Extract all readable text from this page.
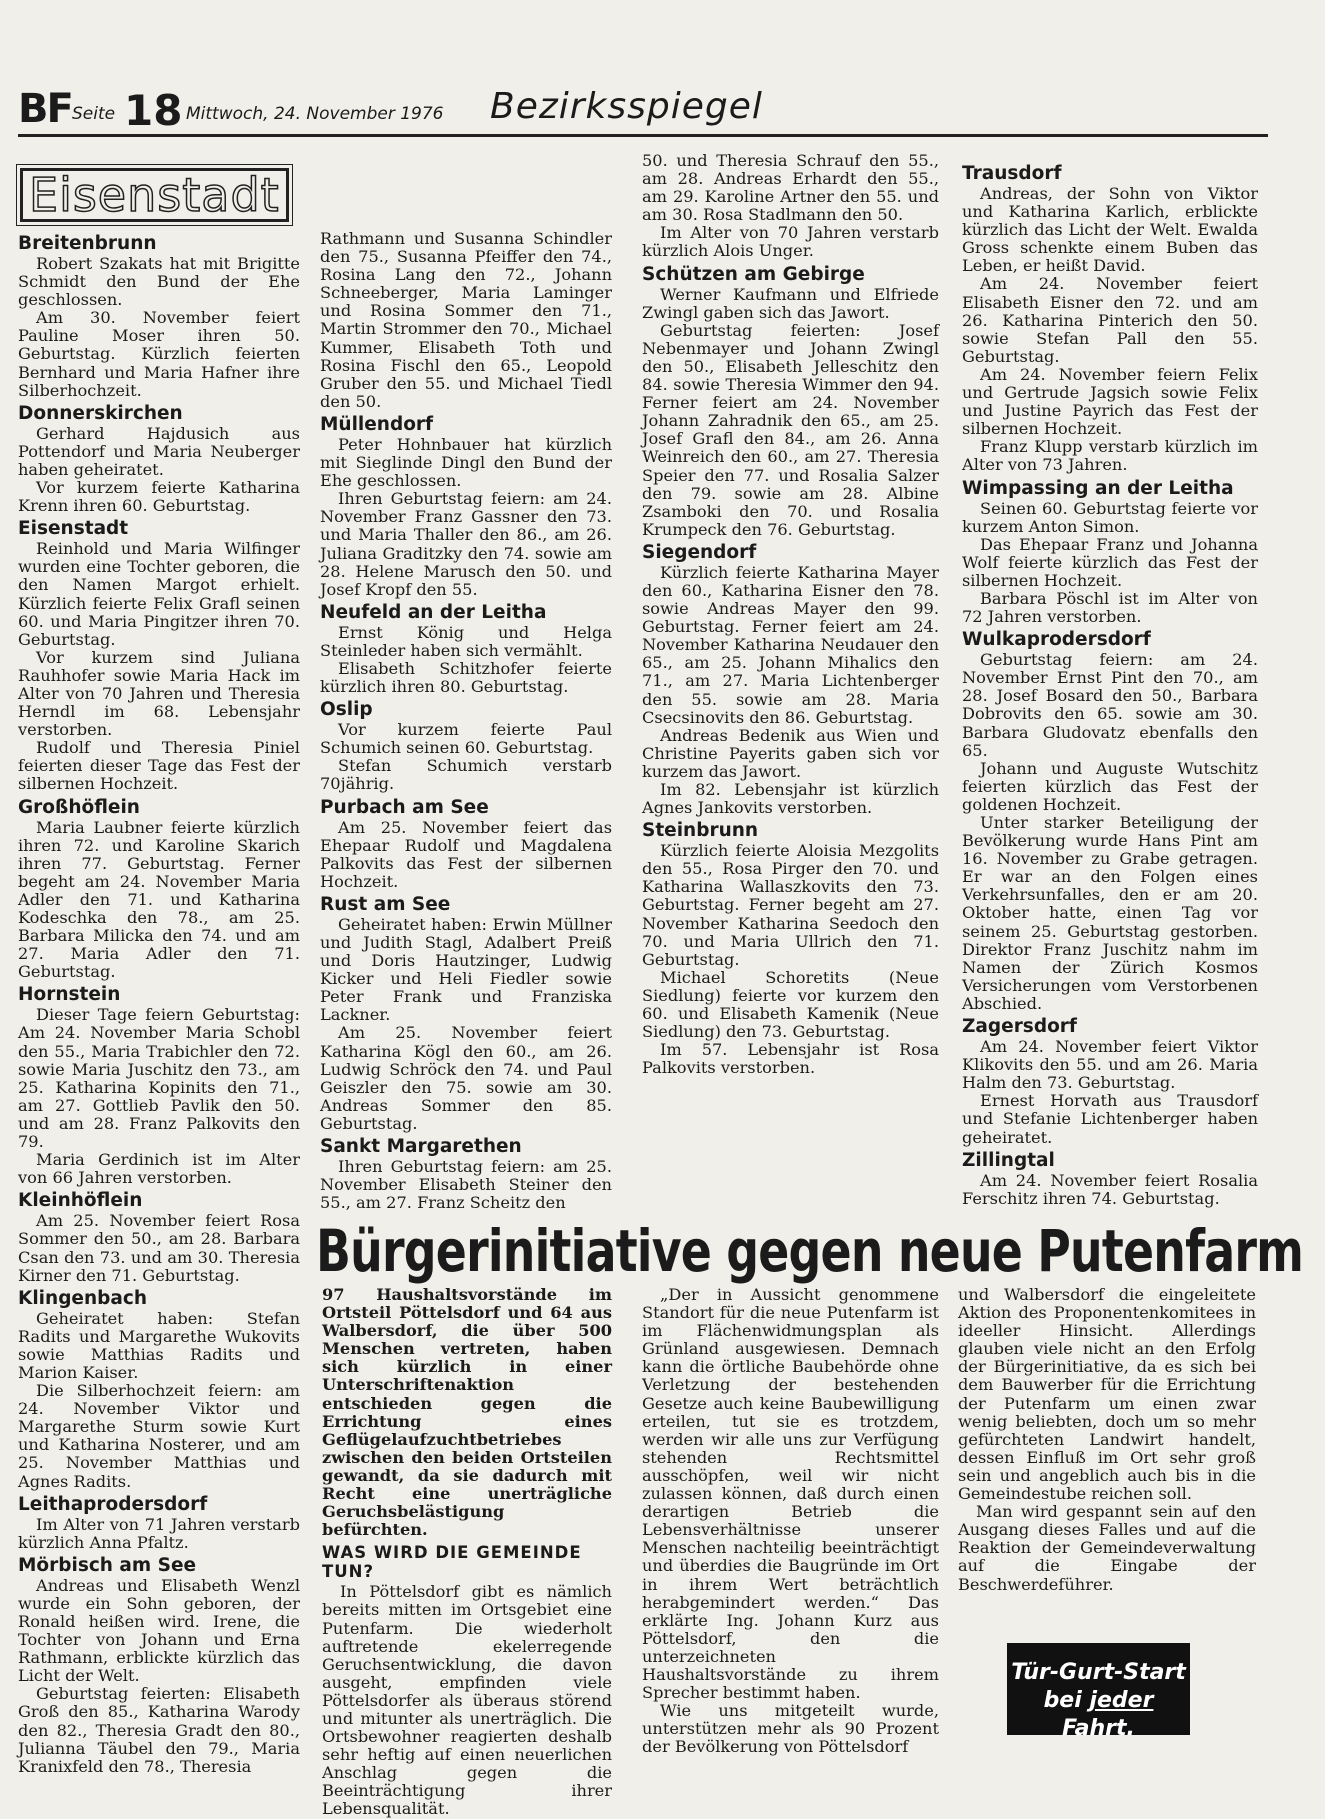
BF Seite 18 Mittwoch, 24. November 1976 Bezirksspiegel
Eisenstadt
Breitenbrunn

Robert Szakats hat mit Brigitte Schmidt den Bund der Ehe geschlossen.

Am 30. November feiert Pauline Moser ihren 50. Geburtstag. Kürzlich feierten Bernhard und Maria Hafner ihre Silberhochzeit.

Donnerskirchen

Gerhard Hajdusich aus Pottendorf und Maria Neuberger haben geheiratet.

Vor kurzem feierte Katharina Krenn ihren 60. Geburtstag.

Eisenstadt

Reinhold und Maria Wilfinger wurden eine Tochter geboren, die den Namen Margot erhielt. Kürzlich feierte Felix Grafl seinen 60. und Maria Pingitzer ihren 70. Geburtstag.

Vor kurzem sind Juliana Rauhhofer sowie Maria Hack im Alter von 70 Jahren und Theresia Herndl im 68. Lebensjahr verstorben.

Rudolf und Theresia Piniel feierten dieser Tage das Fest der silbernen Hochzeit.

Großhöflein

Maria Laubner feierte kürzlich ihren 72. und Karoline Skarich ihren 77. Geburtstag. Ferner begeht am 24. November Maria Adler den 71. und Katharina Kodeschka den 78., am 25. Barbara Milicka den 74. und am 27. Maria Adler den 71. Geburtstag.

Hornstein

Dieser Tage feiern Geburtstag: Am 24. November Maria Schobl den 55., Maria Trabichler den 72. sowie Maria Juschitz den 73., am 25. Katharina Kopinits den 71., am 27. Gottlieb Pavlik den 50. und am 28. Franz Palkovits den 79.

Maria Gerdinich ist im Alter von 66 Jahren verstorben.

Kleinhöflein

Am 25. November feiert Rosa Sommer den 50., am 28. Barbara Csan den 73. und am 30. Theresia Kirner den 71. Geburtstag.

Klingenbach

Geheiratet haben: Stefan Radits und Margarethe Wukovits sowie Matthias Radits und Marion Kaiser.

Die Silberhochzeit feiern: am 24. November Viktor und Margarethe Sturm sowie Kurt und Katharina Nosterer, und am 25. November Matthias und Agnes Radits.

Leithaprodersdorf

Im Alter von 71 Jahren verstarb kürzlich Anna Pfaltz.

Mörbisch am See

Andreas und Elisabeth Wenzl wurde ein Sohn geboren, der Ronald heißen wird. Irene, die Tochter von Johann und Erna Rathmann, erblickte kürzlich das Licht der Welt.

Geburtstag feierten: Elisabeth Groß den 85., Katharina Warody den 82., Theresia Gradt den 80., Julianna Täubel den 79., Maria Kranixfeld den 78., Theresia

Rathmann und Susanna Schindler den 75., Susanna Pfeiffer den 74., Rosina Lang den 72., Johann Schneeberger, Maria Laminger und Rosina Sommer den 71., Martin Strommer den 70., Michael Kummer, Elisabeth Toth und Rosina Fischl den 65., Leopold Gruber den 55. und Michael Tiedl den 50.

Müllendorf

Peter Hohnbauer hat kürzlich mit Sieglinde Dingl den Bund der Ehe geschlossen.

Ihren Geburtstag feiern: am 24. November Franz Gassner den 73. und Maria Thaller den 86., am 26. Juliana Graditzky den 74. sowie am 28. Helene Marusch den 50. und Josef Kropf den 55.

Neufeld an der Leitha

Ernst König und Helga Steinleder haben sich vermählt.

Elisabeth Schitzhofer feierte kürzlich ihren 80. Geburtstag.

Oslip

Vor kurzem feierte Paul Schumich seinen 60. Geburtstag.

Stefan Schumich verstarb 70jährig.

Purbach am See

Am 25. November feiert das Ehepaar Rudolf und Magdalena Palkovits das Fest der silbernen Hochzeit.

Rust am See

Geheiratet haben: Erwin Müllner und Judith Stagl, Adalbert Preiß und Doris Hautzinger, Ludwig Kicker und Heli Fiedler sowie Peter Frank und Franziska Lackner.

Am 25. November feiert Katharina Kögl den 60., am 26. Ludwig Schröck den 74. und Paul Geiszler den 75. sowie am 30. Andreas Sommer den 85. Geburtstag.

Sankt Margarethen

Ihren Geburtstag feiern: am 25. November Elisabeth Steiner den 55., am 27. Franz Scheitz den

50. und Theresia Schrauf den 55., am 28. Andreas Erhardt den 55., am 29. Karoline Artner den 55. und am 30. Rosa Stadlmann den 50.

Im Alter von 70 Jahren verstarb kürzlich Alois Unger.

Schützen am Gebirge

Werner Kaufmann und Elfriede Zwingl gaben sich das Jawort.

Geburtstag feierten: Josef Nebenmayer und Johann Zwingl den 50., Elisabeth Jelleschitz den 84. sowie Theresia Wimmer den 94. Ferner feiert am 24. November Johann Zahradnik den 65., am 25. Josef Grafl den 84., am 26. Anna Weinreich den 60., am 27. Theresia Speier den 77. und Rosalia Salzer den 79. sowie am 28. Albine Zsamboki den 70. und Rosalia Krumpeck den 76. Geburtstag.

Siegendorf

Kürzlich feierte Katharina Mayer den 60., Katharina Eisner den 78. sowie Andreas Mayer den 99. Geburtstag. Ferner feiert am 24. November Katharina Neudauer den 65., am 25. Johann Mihalics den 71., am 27. Maria Lichtenberger den 55. sowie am 28. Maria Csecsinovits den 86. Geburtstag.

Andreas Bedenik aus Wien und Christine Payerits gaben sich vor kurzem das Jawort.

Im 82. Lebensjahr ist kürzlich Agnes Jankovits verstorben.

Steinbrunn

Kürzlich feierte Aloisia Mezgolits den 55., Rosa Pirger den 70. und Katharina Wallaszkovits den 73. Geburtstag. Ferner begeht am 27. November Katharina Seedoch den 70. und Maria Ullrich den 71. Geburtstag.

Michael Schoretits (Neue Siedlung) feierte vor kurzem den 60. und Elisabeth Kamenik (Neue Siedlung) den 73. Geburtstag.

Im 57. Lebensjahr ist Rosa Palkovits verstorben.

Trausdorf

Andreas, der Sohn von Viktor und Katharina Karlich, erblickte kürzlich das Licht der Welt. Ewalda Gross schenkte einem Buben das Leben, er heißt David.

Am 24. November feiert Elisabeth Eisner den 72. und am 26. Katharina Pinterich den 50. sowie Stefan Pall den 55. Geburtstag.

Am 24. November feiern Felix und Gertrude Jagsich sowie Felix und Justine Payrich das Fest der silbernen Hochzeit.

Franz Klupp verstarb kürzlich im Alter von 73 Jahren.

Wimpassing an der Leitha

Seinen 60. Geburtstag feierte vor kurzem Anton Simon.

Das Ehepaar Franz und Johanna Wolf feierte kürzlich das Fest der silbernen Hochzeit.

Barbara Pöschl ist im Alter von 72 Jahren verstorben.

Wulkaprodersdorf

Geburtstag feiern: am 24. November Ernst Pint den 70., am 28. Josef Bosard den 50., Barbara Dobrovits den 65. sowie am 30. Barbara Gludovatz ebenfalls den 65.

Johann und Auguste Wutschitz feierten kürzlich das Fest der goldenen Hochzeit.

Unter starker Beteiligung der Bevölkerung wurde Hans Pint am 16. November zu Grabe getragen. Er war an den Folgen eines Verkehrsunfalles, den er am 20. Oktober hatte, einen Tag vor seinem 25. Geburtstag gestorben. Direktor Franz Juschitz nahm im Namen der Zürich Kosmos Versicherungen vom Verstorbenen Abschied.

Zagersdorf

Am 24. November feiert Viktor Klikovits den 55. und am 26. Maria Halm den 73. Geburtstag.

Ernest Horvath aus Trausdorf und Stefanie Lichtenberger haben geheiratet.

Zillingtal

Am 24. November feiert Rosalia Ferschitz ihren 74. Geburtstag.

Bürgerinitiative gegen neue Putenfarm

97 Haushaltsvorstände im Ortsteil Pöttelsdorf und 64 aus Walbersdorf, die über 500 Menschen vertreten, haben sich kürzlich in einer Unterschriftenaktion entschieden gegen die Errichtung eines Geflügelaufzuchtbetriebes zwischen den beiden Ortsteilen gewandt, da sie dadurch mit Recht eine unerträgliche Geruchsbelästigung befürchten.

WAS WIRD DIE GEMEINDE TUN?

In Pöttelsdorf gibt es nämlich bereits mitten im Ortsgebiet eine Putenfarm. Die wiederholt auftretende ekelerregende Geruchsentwicklung, die davon ausgeht, empfinden viele Pöttelsdorfer als überaus störend und mitunter als unerträglich. Die Ortsbewohner reagierten deshalb sehr heftig auf einen neuerlichen Anschlag gegen die Beeinträchtigung ihrer Lebensqualität.

„Der in Aussicht genommene Standort für die neue Putenfarm ist im Flächenwidmungsplan als Grünland ausgewiesen. Demnach kann die örtliche Baubehörde ohne Verletzung der bestehenden Gesetze auch keine Baubewilligung erteilen, tut sie es trotzdem, werden wir alle uns zur Verfügung stehenden Rechtsmittel ausschöpfen, weil wir nicht zulassen können, daß durch einen derartigen Betrieb die Lebensverhältnisse unserer Menschen nachteilig beeinträchtigt und überdies die Baugründe im Ort in ihrem Wert beträchtlich herabgemindert werden.“ Das erklärte Ing. Johann Kurz aus Pöttelsdorf, den die unterzeichneten Haushaltsvorstände zu ihrem Sprecher bestimmt haben.

Wie uns mitgeteilt wurde, unterstützen mehr als 90 Prozent der Bevölkerung von Pöttelsdorf

und Walbersdorf die eingeleitete Aktion des Proponentenkomitees in ideeller Hinsicht. Allerdings glauben viele nicht an den Erfolg der Bürgerinitiative, da es sich bei dem Bauwerber für die Errichtung der Putenfarm um einen zwar wenig beliebten, doch um so mehr gefürchteten Landwirt handelt, dessen Einfluß im Ort sehr groß sein und angeblich auch bis in die Gemeindestube reichen soll.

Man wird gespannt sein auf den Ausgang dieses Falles und auf die Reaktion der Gemeindeverwaltung auf die Eingabe der Beschwerdeführer.

Tür-Gurt-Start
bei jeder Fahrt.
